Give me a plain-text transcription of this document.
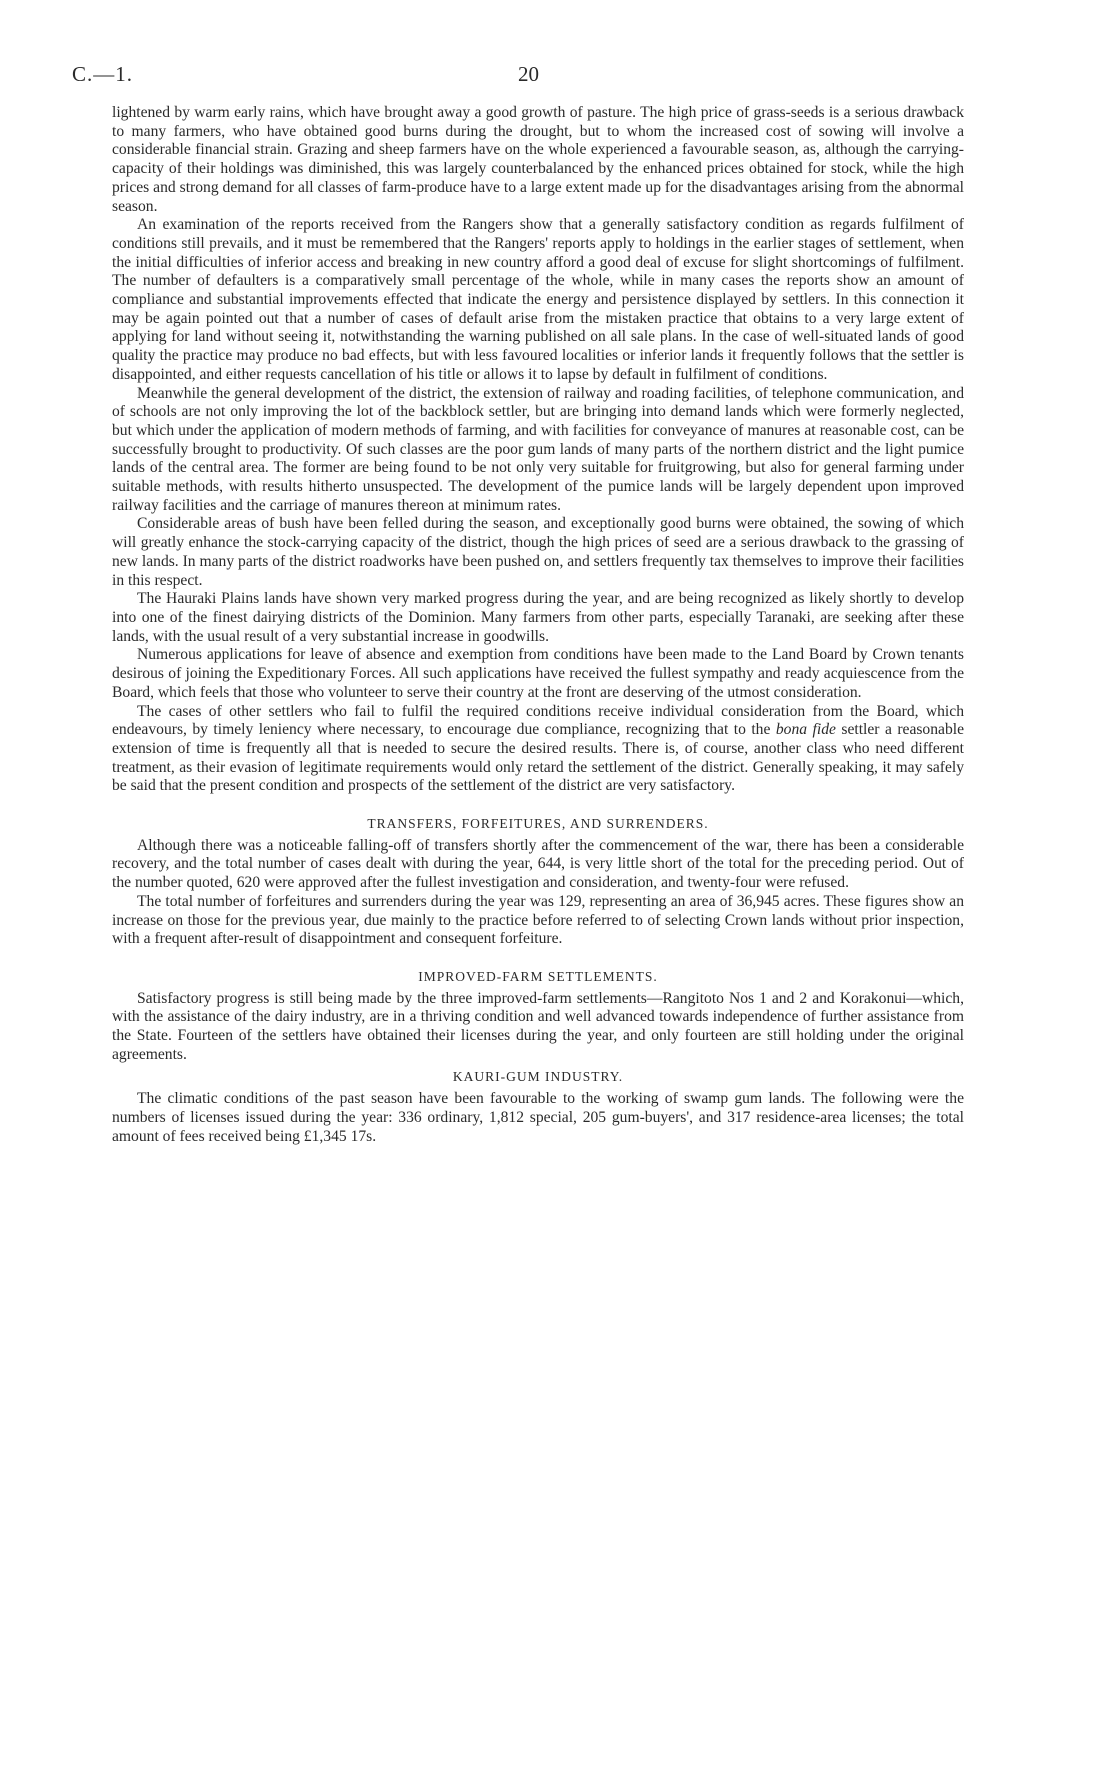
C.—1.	20

lightened by warm early rains, which have brought away a good growth of pasture. The high price of grass-seeds is a serious drawback to many farmers, who have obtained good burns during the drought, but to whom the increased cost of sowing will involve a considerable financial strain. Grazing and sheep farmers have on the whole experienced a favourable season, as, although the carrying-capacity of their holdings was diminished, this was largely counterbalanced by the enhanced prices obtained for stock, while the high prices and strong demand for all classes of farm-produce have to a large extent made up for the disadvantages arising from the abnormal season.

An examination of the reports received from the Rangers show that a generally satisfactory condition as regards fulfilment of conditions still prevails, and it must be remembered that the Rangers' reports apply to holdings in the earlier stages of settlement, when the initial difficulties of inferior access and breaking in new country afford a good deal of excuse for slight shortcomings of fulfilment. The number of defaulters is a comparatively small percentage of the whole, while in many cases the reports show an amount of compliance and substantial improvements effected that indicate the energy and persistence displayed by settlers. In this connection it may be again pointed out that a number of cases of default arise from the mistaken practice that obtains to a very large extent of applying for land without seeing it, notwithstanding the warning published on all sale plans. In the case of well-situated lands of good quality the practice may produce no bad effects, but with less favoured localities or inferior lands it frequently follows that the settler is disappointed, and either requests cancellation of his title or allows it to lapse by default in fulfilment of conditions.

Meanwhile the general development of the district, the extension of railway and roading facilities, of telephone communication, and of schools are not only improving the lot of the backblock settler, but are bringing into demand lands which were formerly neglected, but which under the application of modern methods of farming, and with facilities for conveyance of manures at reasonable cost, can be successfully brought to productivity. Of such classes are the poor gum lands of many parts of the northern district and the light pumice lands of the central area. The former are being found to be not only very suitable for fruitgrowing, but also for general farming under suitable methods, with results hitherto unsuspected. The development of the pumice lands will be largely dependent upon improved railway facilities and the carriage of manures thereon at minimum rates.

Considerable areas of bush have been felled during the season, and exceptionally good burns were obtained, the sowing of which will greatly enhance the stock-carrying capacity of the district, though the high prices of seed are a serious drawback to the grassing of new lands. In many parts of the district roadworks have been pushed on, and settlers frequently tax themselves to improve their facilities in this respect.

The Hauraki Plains lands have shown very marked progress during the year, and are being recognized as likely shortly to develop into one of the finest dairying districts of the Dominion. Many farmers from other parts, especially Taranaki, are seeking after these lands, with the usual result of a very substantial increase in goodwills.

Numerous applications for leave of absence and exemption from conditions have been made to the Land Board by Crown tenants desirous of joining the Expeditionary Forces. All such applications have received the fullest sympathy and ready acquiescence from the Board, which feels that those who volunteer to serve their country at the front are deserving of the utmost consideration.

The cases of other settlers who fail to fulfil the required conditions receive individual consideration from the Board, which endeavours, by timely leniency where necessary, to encourage due compliance, recognizing that to the bona fide settler a reasonable extension of time is frequently all that is needed to secure the desired results. There is, of course, another class who need different treatment, as their evasion of legitimate requirements would only retard the settlement of the district. Generally speaking, it may safely be said that the present condition and prospects of the settlement of the district are very satisfactory.

TRANSFERS, FORFEITURES, AND SURRENDERS.

Although there was a noticeable falling-off of transfers shortly after the commencement of the war, there has been a considerable recovery, and the total number of cases dealt with during the year, 644, is very little short of the total for the preceding period. Out of the number quoted, 620 were approved after the fullest investigation and consideration, and twenty-four were refused.

The total number of forfeitures and surrenders during the year was 129, representing an area of 36,945 acres. These figures show an increase on those for the previous year, due mainly to the practice before referred to of selecting Crown lands without prior inspection, with a frequent after-result of disappointment and consequent forfeiture.

IMPROVED-FARM SETTLEMENTS.

Satisfactory progress is still being made by the three improved-farm settlements—Rangitoto Nos 1 and 2 and Korakonui—which, with the assistance of the dairy industry, are in a thriving condition and well advanced towards independence of further assistance from the State. Fourteen of the settlers have obtained their licenses during the year, and only fourteen are still holding under the original agreements.

KAURI-GUM INDUSTRY.

The climatic conditions of the past season have been favourable to the working of swamp gum lands. The following were the numbers of licenses issued during the year: 336 ordinary, 1,812 special, 205 gum-buyers', and 317 residence-area licenses; the total amount of fees received being £1,345 17s.
